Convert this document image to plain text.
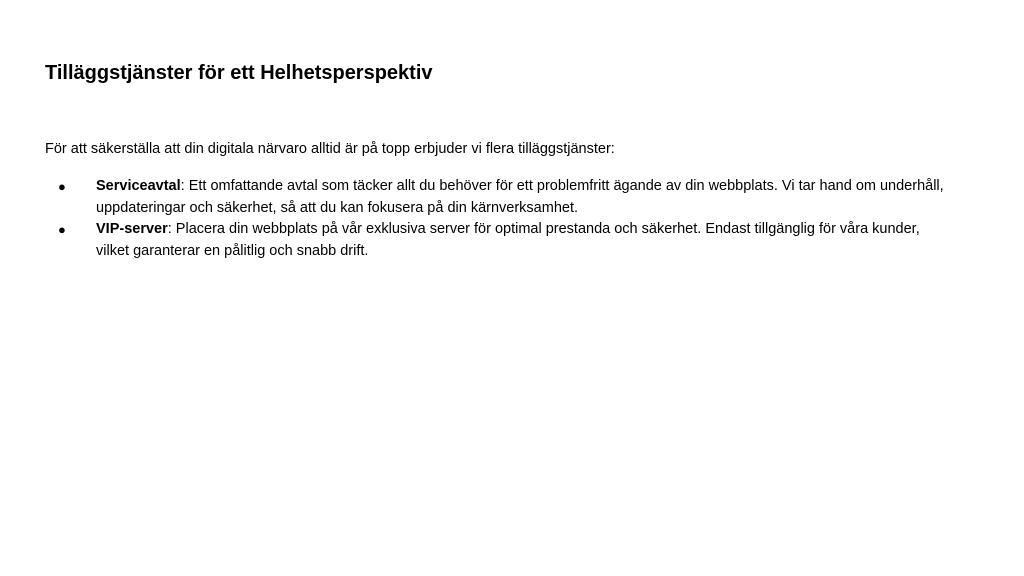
Tilläggstjänster för ett Helhetsperspektiv

För att säkerställa att din digitala närvaro alltid är på topp erbjuder vi flera tilläggstjänster:

● Serviceavtal: Ett omfattande avtal som täcker allt du behöver för ett problemfritt ägande av din webbplats. Vi tar hand om underhåll, uppdateringar och säkerhet, så att du kan fokusera på din kärnverksamhet.
● VIP-server: Placera din webbplats på vår exklusiva server för optimal prestanda och säkerhet. Endast tillgänglig för våra kunder, vilket garanterar en pålitlig och snabb drift.
